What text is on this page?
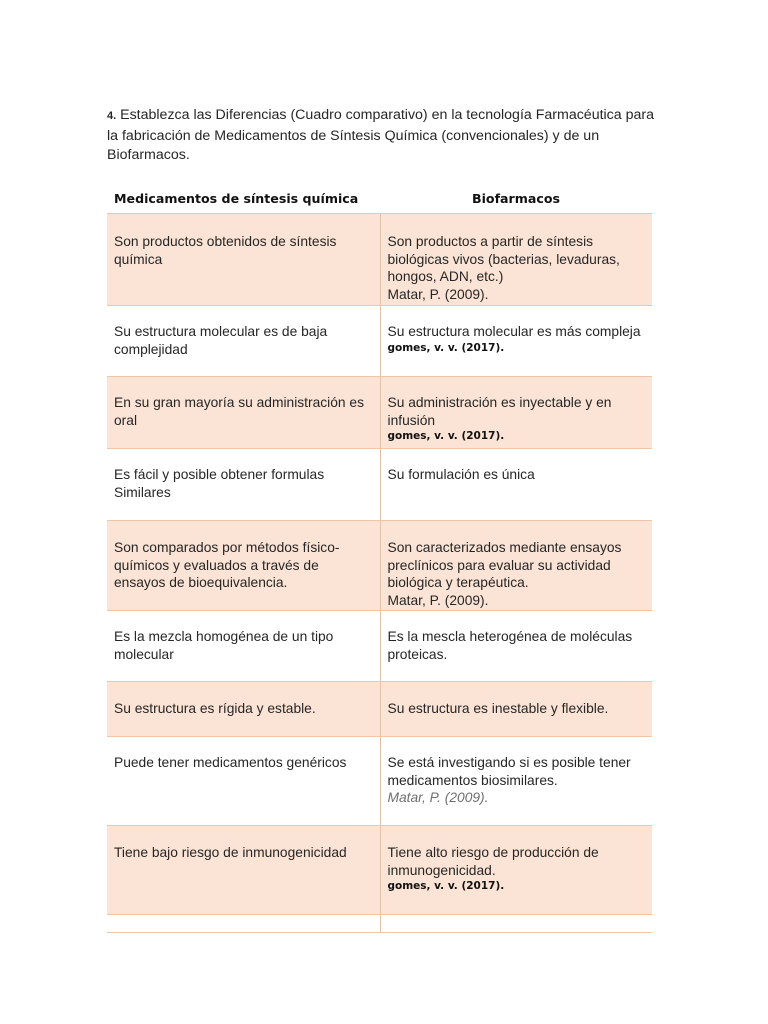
4. Establezca las Diferencias (Cuadro comparativo) en la tecnología Farmacéutica para la fabricación de Medicamentos de Síntesis Química (convencionales) y de un Biofarmacos.

Medicamentos de síntesis química	Biofarmacos
Son productos obtenidos de síntesis química	Son productos a partir de síntesis biológicas vivos (bacterias, levaduras, hongos, ADN, etc.)
Matar, P. (2009).

Su estructura molecular es de baja complejidad	Su estructura molecular es más compleja
gomes, v. v. (2017).

En su gran mayoría su administración es oral	Su administración es inyectable y en infusión
gomes, v. v. (2017).

Es fácil y posible obtener formulas Similares	Su formulación es única
Son comparados por métodos físico-químicos y evaluados a través de ensayos de bioequivalencia.	Son caracterizados mediante ensayos preclínicos para evaluar su actividad biológica y terapéutica.
Matar, P. (2009).

Es la mezcla homogénea de un tipo molecular	Es la mescla heterogénea de moléculas proteicas.
Su estructura es rígida y estable.	Su estructura es inestable y flexible.
Puede tener medicamentos genéricos	Se está investigando si es posible tener medicamentos biosimilares.
Matar, P. (2009).

Tiene bajo riesgo de inmunogenicidad	Tiene alto riesgo de producción de inmunogenicidad.
gomes, v. v. (2017).
